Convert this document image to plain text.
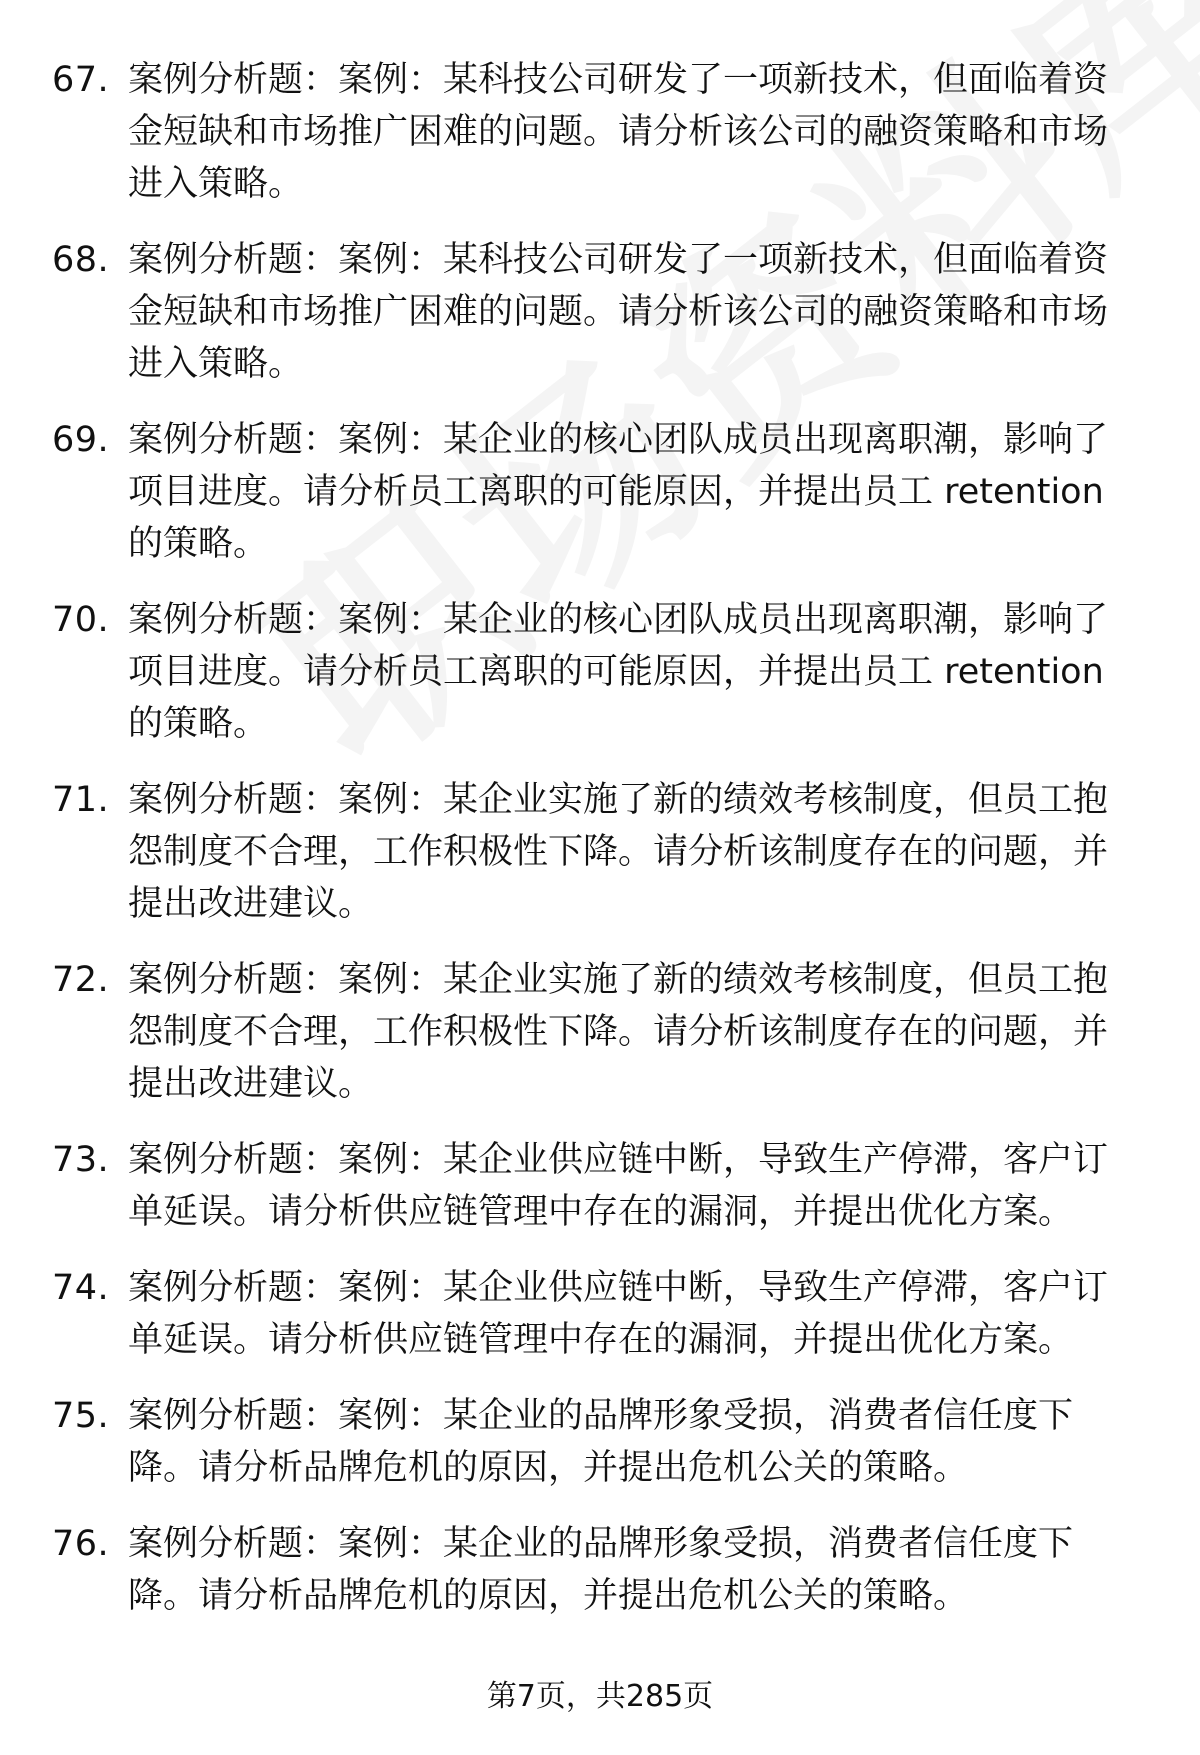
67. 案例分析题：案例：某科技公司研发了一项新技术，但面临着资金短缺和市场推广困难的问题。请分析该公司的融资策略和市场进入策略。
68. 案例分析题：案例：某科技公司研发了一项新技术，但面临着资金短缺和市场推广困难的问题。请分析该公司的融资策略和市场进入策略。
69. 案例分析题：案例：某企业的核心团队成员出现离职潮，影响了项目进度。请分析员工离职的可能原因，并提出员工 retention 的策略。
70. 案例分析题：案例：某企业的核心团队成员出现离职潮，影响了项目进度。请分析员工离职的可能原因，并提出员工 retention 的策略。
71. 案例分析题：案例：某企业实施了新的绩效考核制度，但员工抱怨制度不合理，工作积极性下降。请分析该制度存在的问题，并提出改进建议。
72. 案例分析题：案例：某企业实施了新的绩效考核制度，但员工抱怨制度不合理，工作积极性下降。请分析该制度存在的问题，并提出改进建议。
73. 案例分析题：案例：某企业供应链中断，导致生产停滞，客户订单延误。请分析供应链管理中存在的漏洞，并提出优化方案。
74. 案例分析题：案例：某企业供应链中断，导致生产停滞，客户订单延误。请分析供应链管理中存在的漏洞，并提出优化方案。
75. 案例分析题：案例：某企业的品牌形象受损，消费者信任度下降。请分析品牌危机的原因，并提出危机公关的策略。
76. 案例分析题：案例：某企业的品牌形象受损，消费者信任度下降。请分析品牌危机的原因，并提出危机公关的策略。
第7页，共285页
